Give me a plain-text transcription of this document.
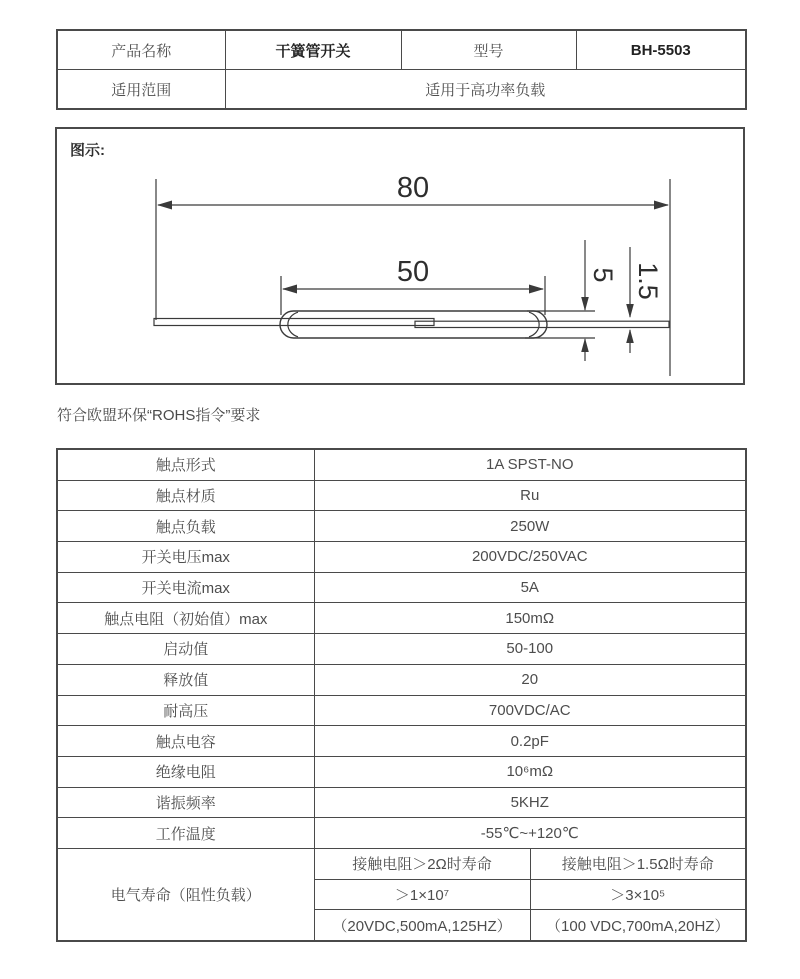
产品名称	干簧管开关	型号	BH-5503
适用范围	适用于高功率负载		
图示:
80
50	5 1.5
符合欧盟环保“ROHS指令”要求
触点形式	1A SPST-NO	
触点材质	Ru	
触点负载	250W	
开关电压max	200VDC/250VAC	
开关电流max	5A	
触点电阻（初始值）max	150mΩ	
启动值	50-100	
释放值	20	
耐高压	700VDC/AC	
触点电容	0.2pF	
绝缘电阻	10⁶mΩ	
谐振频率	5KHZ	
工作温度	-55℃~+120℃	
电气寿命（阻性负载）	接触电阻＞2Ω时寿命	接触电阻＞1.5Ω时寿命
	＞1×10⁷	＞3×10⁵
	（20VDC,500mA,125HZ）	（100 VDC,700mA,20HZ）
